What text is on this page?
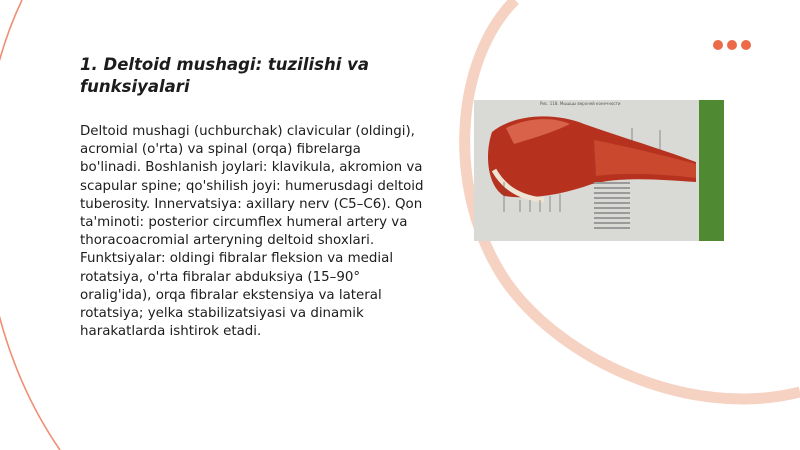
1. Deltoid mushagi: tuzilishi va funksiyalari

Deltoid mushagi (uchburchak) clavicular (oldingi), acromial (o'rta) va spinal (orqa) fibrelarga bo'linadi. Boshlanish joylari: klavikula, akromion va scapular spine; qo'shilish joyi: humerusdagi deltoid tuberosity. Innervatsiya: axillary nerv (C5–C6). Qon ta'minoti: posterior circumflex humeral artery va thoracoacromial arteryning deltoid shoxlari. Funktsiyalar: oldingi fibralar fleksion va medial rotatsiya, o'rta fibralar abduksiya (15–90° oralig'ida), orqa fibralar ekstensiya va lateral rotatsiya; yelka stabilizatsiyasi va dinamik harakatlarda ishtirok etadi.

Рис. 118. Мышцы верхней конечности
